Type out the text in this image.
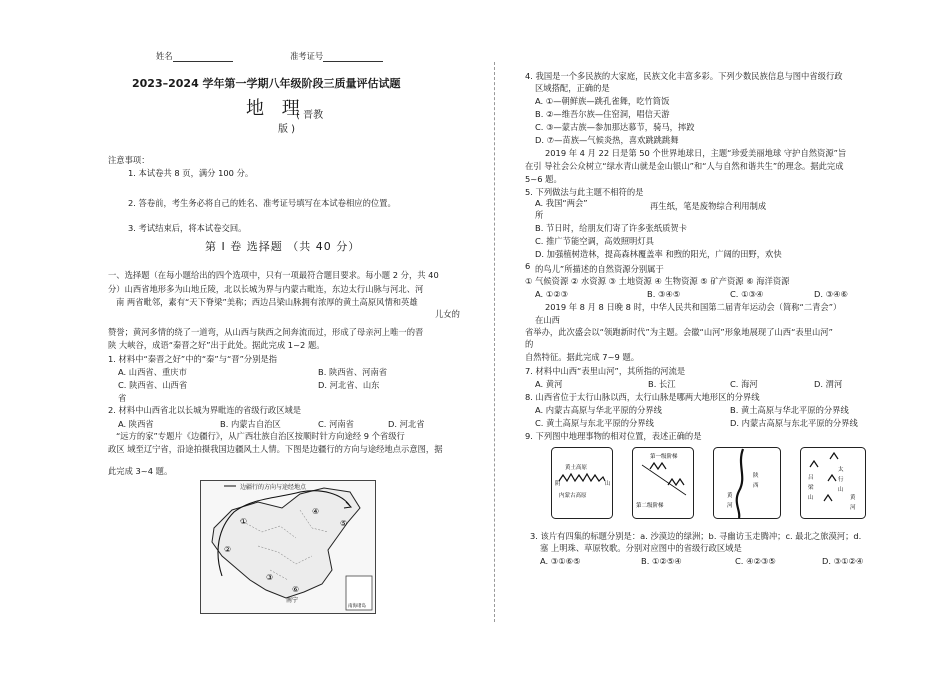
姓名	准考证号
2023–2024 学年第一学期八年级阶段三质量评估试题
地 理
( 晋教
版 )
注意事项：
1. 本试卷共 8 页，满分 100 分。
2. 答卷前，考生务必将自己的姓名、准考证号填写在本试卷相应的位置。
3. 考试结束后，将本试卷交回。
第 I 卷 选择题 （共 40 分）
一、选择题（在每小题给出的四个选项中，只有一项最符合题目要求。每小题 2 分，共 40
分）山西省地形多为山地丘陵，北以长城为界与内蒙古毗连，东边太行山脉与河北、河
南 两省毗邻，素有“天下脊梁”美称；西边吕梁山脉拥有浓厚的黄土高原风情和英雄
儿女的
赞誉；黄河多情的绕了一道弯，从山西与陕西之间奔流而过，形成了母亲河上唯一的晋
陕 大峡谷，成语“秦晋之好”出于此处。据此完成 1~2 题。
1. 材料中“秦晋之好”中的“秦”与“晋”分别是指
A. 山西省、重庆市	B. 陕西省、河南省
C. 陕西省、山西省	D. 河北省、山东
省
2. 材料中山西省北以长城为界毗连的省级行政区域是
A. 陕西省	B. 内蒙古自治区	C. 河南省	D. 河北省
“远方的家”专题片《边疆行》，从广西壮族自治区按顺时针方向途经 9 个省级行
政区 域至辽宁省，沿途拍摄我国边疆风土人情。下图是边疆行的方向与途经地点示意图，据
此完成 3~4 题。
边疆行的方向与途经地点
①
②
③
④
⑤
⑥
南宁
南海诸岛
4. 我国是一个多民族的大家庭，民族文化丰富多彩。下列少数民族信息与图中省级行政
区域搭配，正确的是
A. ①—朝鲜族—跳孔雀舞，吃竹筒饭
B. ②—维吾尔族—住窑洞，唱信天游
C. ③—蒙古族—参加那达慕节，骑马，摔跤
D. ⑦—苗族—气候炎热，喜欢跳跳跳舞
2019 年 4 月 22 日是第 50 个世界地球日，主题“珍爱美丽地球 守护自然资源”旨
在引 导社会公众树立“绿水青山就是金山银山”和“人与自然和谐共生”的理念。据此完成
5~6 题。
5. 下列做法与此主题不相符的是
A. 我国“两会”	再生纸，笔是废物综合利用制成
所
B. 节日时，给朋友们寄了许多张纸质贺卡
C. 推广节能空调，高效照明灯具
D. 加强植树造林，提高森林覆盖率 和煦的阳光，广阔的田野，欢快
6 的鸟儿”所描述的自然资源分别属于
① 气候资源 ② 水资源 ③ 土地资源 ④ 生物资源 ⑤ 矿产资源 ⑥ 海洋资源
A. ①②③	B. ③④⑤	C. ①③④	D. ③④⑥
2019 年 8 月 8 日晚 8 时，中华人民共和国第二届青年运动会（简称“二青会”）
在山西
省举办，此次盛会以“领跑新时代”为主题。会徽“山河”形象地展现了山西“表里山河”
的
自然特征。据此完成 7~9 题。
7. 材料中山西“表里山河”，其所指的河流是
A. 黄河	B. 长江	C. 海河	D. 渭河
8. 山西省位于太行山脉以西，太行山脉是哪两大地形区的分界线
A. 内蒙古高原与华北平原的分界线	B. 黄土高原与华北平原的分界线
C. 黄土高原与东北平原的分界线	D. 内蒙古高原与东北平原的分界线
9. 下列图中地理事物的相对位置，表述正确的是
黄土高原
阴	山
内蒙古高原
第一级阶梯
第二级阶梯
黄
河
陕
西
吕
梁
山
太
行
山
黄
河
3. 该片有四集的标题分别是：a. 沙漠边的绿洲；b. 寻幽访玉走腾冲；c. 最北之旅漠河；d.
塞 上明珠、草原牧歌。分别对应图中的省级行政区域是
A. ③①⑥⑤	B. ①②⑤④	C. ④②③⑤	D. ③①②④
